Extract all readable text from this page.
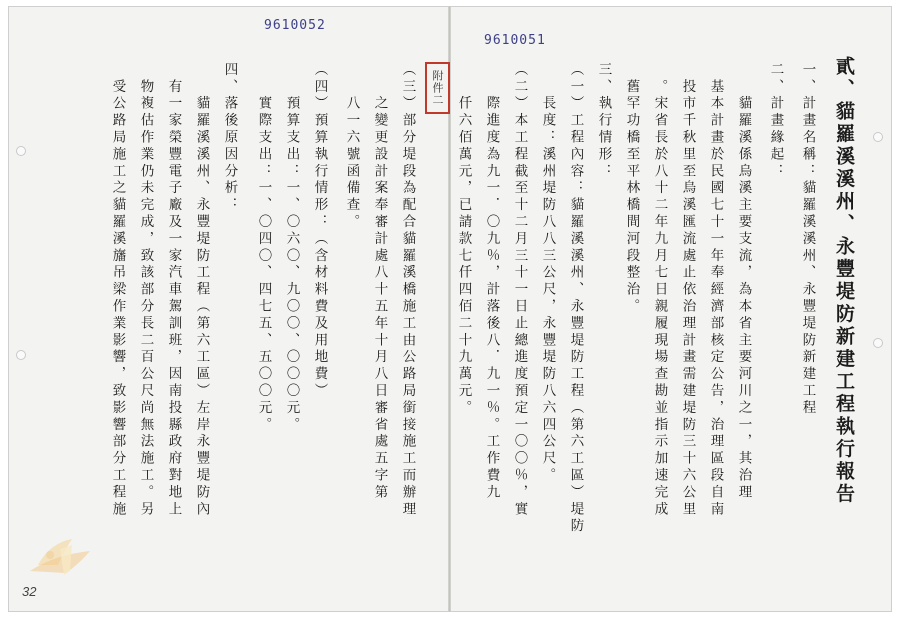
9610052
9610051
附件二	貳、貓羅溪溪州、永豐堤防新建工程執行報告
一、計畫名稱：貓羅溪溪州、永豐堤防新建工程
二、計畫緣起：
　　貓羅溪係烏溪主要支流，為本省主要河川之一，其治理
　基本計畫於民國七十一年奉經濟部核定公告，治理區段自南
　投市千秋里至烏溪匯流處止依治理計畫需建堤防三十六公里
　。宋省長於八十二年九月七日親履現場查勘並指示加速完成
　舊罕功橋至平林橋間河段整治。
三、執行情形：
（一）工程內容：貓羅溪溪州、永豐堤防工程（第六工區）堤防
　　長度：溪州堤防八八三公尺，永豐堤防八六四公尺。
（二）本工程截至十二月三十一日止總進度預定一〇〇％，實
　　際進度為九一．〇九％，計落後八．九一％。工作費九
　　仟六佰萬元，已請款七仟四佰二十九萬元。
（三）部分堤段為配合貓羅溪橋施工由公路局銜接施工而辦理
　　之變更設計案奉審計處八十五年十月八日審省處五字第
　　八一六號函備查。
（四）預算執行情形：（含材料費及用地費）
　　預算支出：一、〇六〇、九〇〇、〇〇〇元。
　　實際支出：一、〇四〇、四七五、五〇〇元。
四、落後原因分析：
　　貓羅溪溪州、永豐堤防工程（第六工區）左岸永豐堤防內
　有一家榮豐電子廠及一家汽車駕訓班，因南投縣政府對地上
　物複估作業仍未完成，致該部分長二百公尺尚無法施工。另
　受公路局施工之貓羅溪旛吊梁作業影響，致影響部分工程施
32
